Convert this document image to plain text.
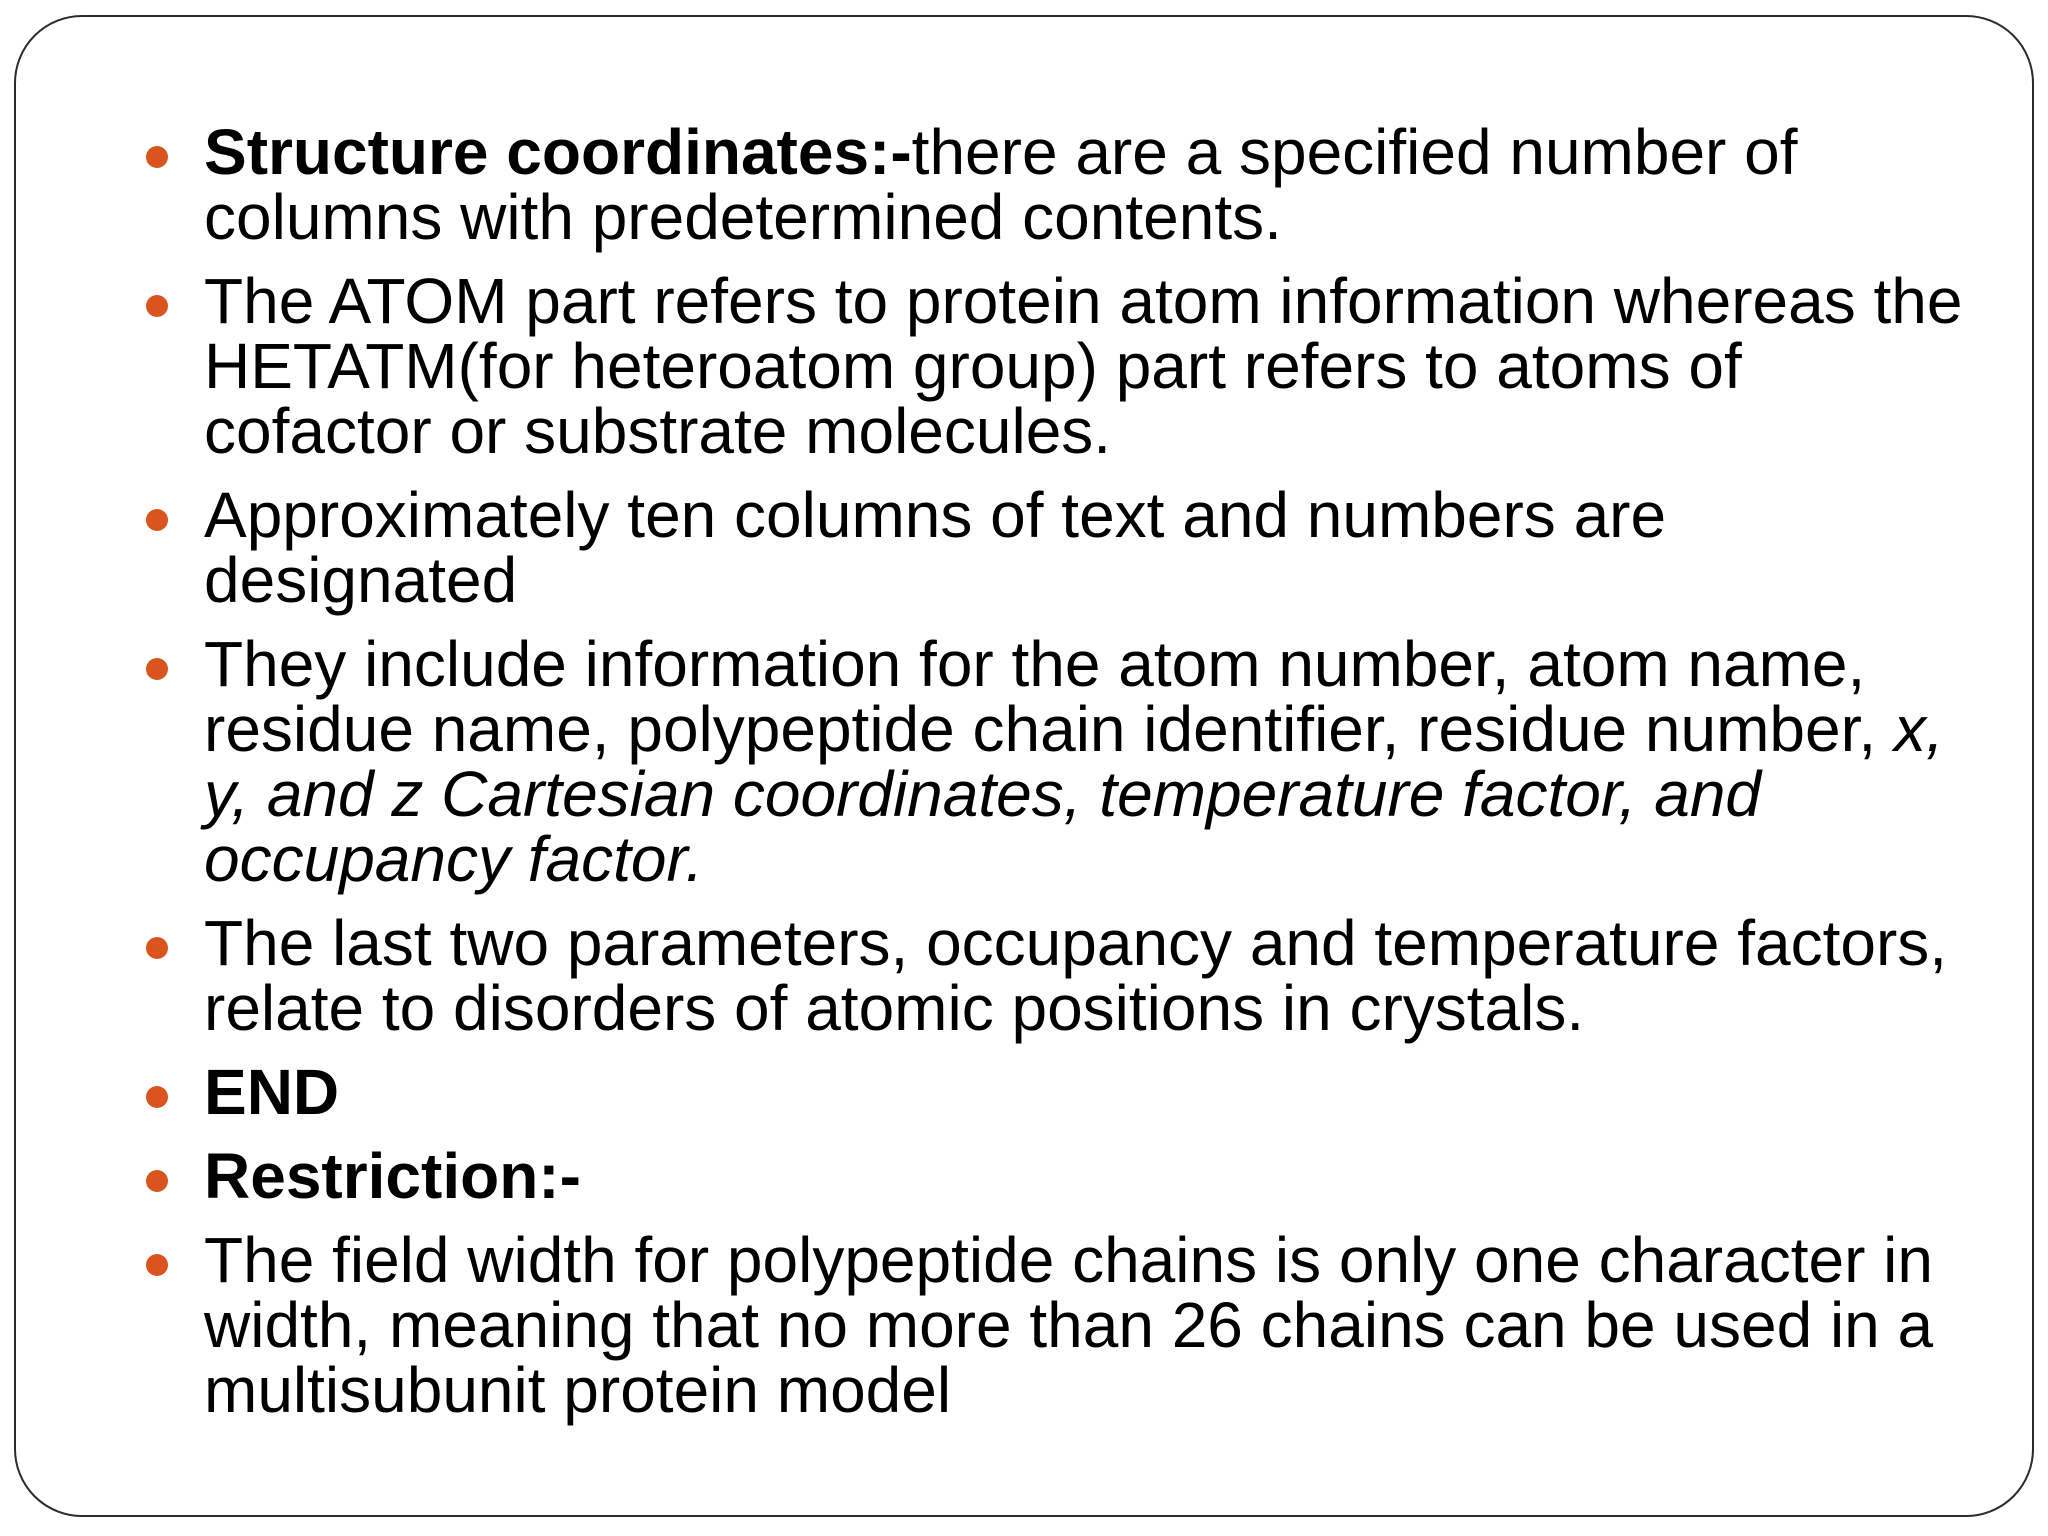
Structure coordinates:-there are a specified number of columns with predetermined contents.
The ATOM part refers to protein atom information whereas the HETATM(for heteroatom group) part refers to atoms of cofactor or substrate molecules.
Approximately ten columns of text and numbers are designated
They include information for the atom number, atom name, residue name, polypeptide chain identifier, residue number, x, y, and z Cartesian coordinates, temperature factor, and occupancy factor.
The last two parameters, occupancy and temperature factors, relate to disorders of atomic positions in crystals.
END
Restriction:-
The field width for polypeptide chains is only one character in width, meaning that no more than 26 chains can be used in a multisubunit protein model
